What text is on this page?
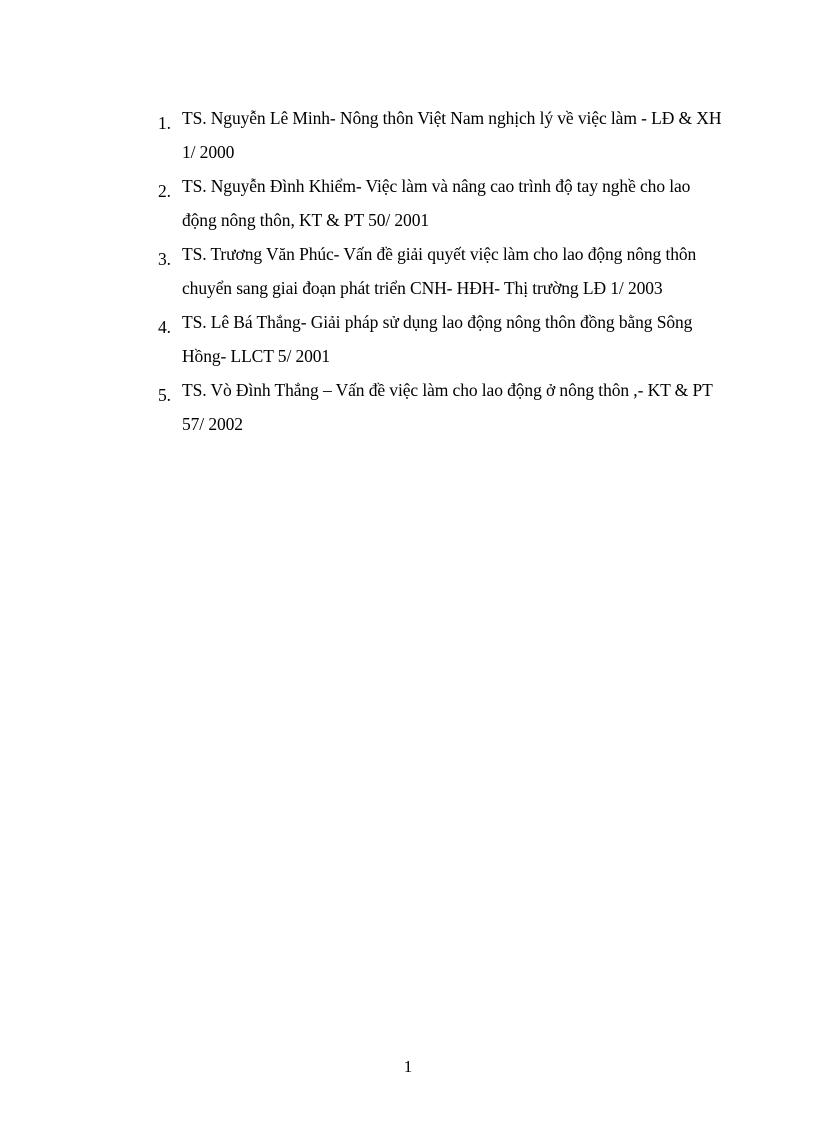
1. TS. Nguyễn Lê Minh- Nông thôn Việt Nam nghịch lý về việc làm - LĐ & XH 1/ 2000
2. TS. Nguyễn Đình Khiểm- Việc làm và nâng cao trình độ tay nghề cho lao động nông thôn, KT & PT 50/ 2001
3. TS. Trương Văn Phúc- Vấn đề giải quyết việc làm cho lao động nông thôn chuyển sang giai đoạn phát triển CNH- HĐH- Thị trường LĐ 1/ 2003
4. TS. Lê Bá Thắng- Giải pháp sử dụng lao động nông thôn đồng bằng Sông Hồng- LLCT 5/ 2001
5. TS. Vò Đình Thắng – Vấn đề việc làm cho lao động ở nông thôn ,- KT & PT 57/ 2002
1
